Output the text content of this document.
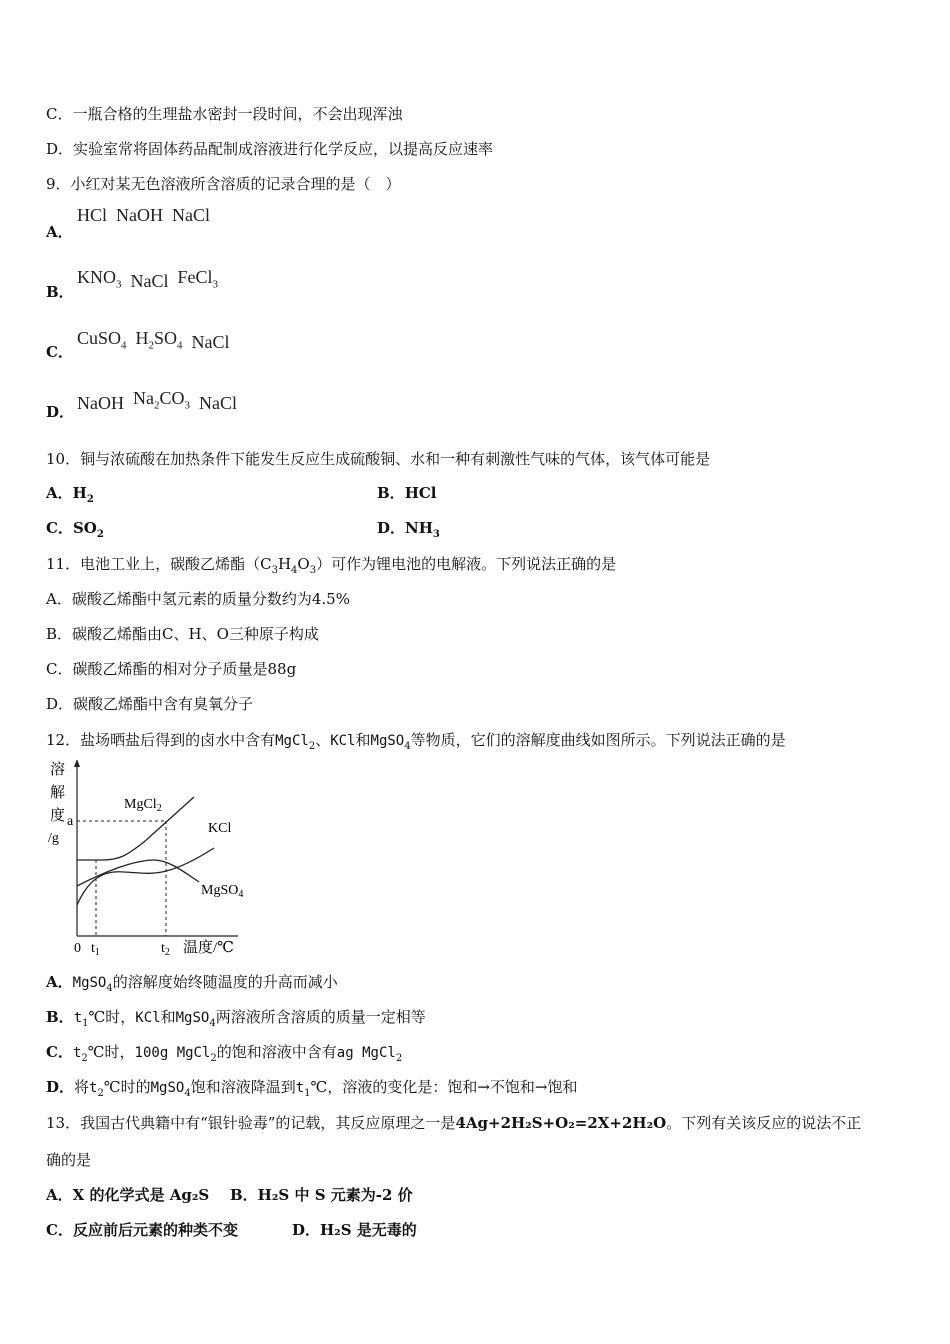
C．一瓶合格的生理盐水密封一段时间，不会出现浑浊
D．实验室常将固体药品配制成溶液进行化学反应，以提高反应速率
9．小红对某无色溶液所含溶质的记录合理的是（　）
A．
HCl NaOH NaCl
B．
$KNO_3$ NaCl FeCl$_3$
C．
CuSO$_4$ $H_2SO_4$ NaCl
D． NaOH $Na_2CO_3$ NaCl
10．铜与浓硫酸在加热条件下能发生反应生成硫酸铜、水和一种有刺激性气味的气体，该气体可能是
A．$H_2$	B．HCl
C．$SO_2$	D．$NH_3$
11．电池工业上，碳酸乙烯酯$(C_3H_4O_3)$可作为锂电池的电解液。下列说法正确的是
A．碳酸乙烯酯中氢元素的质量分数约为4.5%
B．碳酸乙烯酯由C、H、O三种原子构成
C．碳酸乙烯酯的相对分子质量是88g
D．碳酸乙烯酯中含有臭氧分子
12．盐场晒盐后得到的卤水中含有MgCl$_2$、KCl和MgSO$_4$等物质，它们的溶解度曲线如图所示。下列说法正确的是
溶
解
度
/g
a
MgCl$_2$
KCl
MgSO$_4$
0 $t_1$	$t_2$ 温度/℃
A．MgSO$_4$的溶解度始终随温度的升高而减小
B．$t_1℃$时，KCl和MgSO$_4$两溶液所含溶质的质量一定相等
C．$t_2℃$时，100g MgCl$_2$的饱和溶液中含有ag MgCl$_2$
D．将$t_2℃$时的MgSO$_4$饱和溶液降温到$t_1℃$，溶液的变化是：饱和→不饱和→饱和
13．我国古代典籍中有“银针验毒”的记载，其反应原理之一是4Ag+2H₂S+O₂=2X+2H₂O。下列有关该反应的说法不正
确的是
A．X 的化学式是 Ag₂S B．H₂S 中 S 元素为-2 价
C．反应前后元素的种类不变	D．H₂S 是无毒的
